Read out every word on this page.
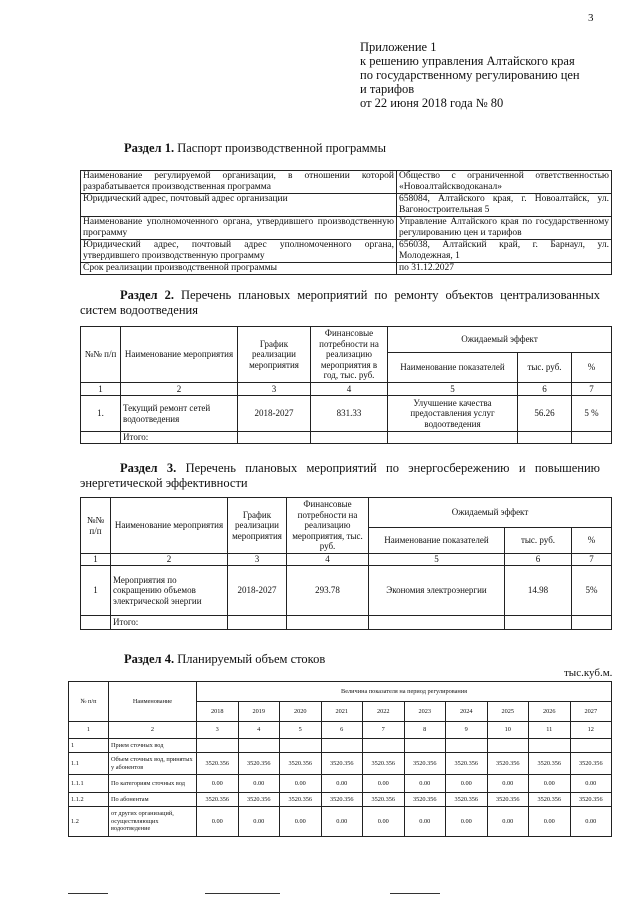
3
Приложение 1
к решению управления Алтайского края
по государственному регулированию цен
и тарифов
от 22 июня 2018 года № 80
Раздел 1. Паспорт производственной программы
Наименование регулируемой организации, в отношении которой разрабатывается производственная программа	Общество с ограниченной ответственностью «Новоалтайскводоканал»
Юридический адрес, почтовый адрес организации	658084, Алтайского края, г. Новоалтайск, ул. Вагоностроительная 5
Наименование уполномоченного органа, утвердившего производственную программу	Управление Алтайского края по государственному регулированию цен и тарифов
Юридический адрес, почтовый адрес уполномоченного органа, утвердившего производственную программу	656038, Алтайский край, г. Барнаул, ул. Молодежная, 1
Срок реализации производственной программы	по 31.12.2027
Раздел 2. Перечень плановых мероприятий по ремонту объектов централизованных систем водоотведения
№№ п/п	Наименование мероприятия	График реализации мероприятия	Финансовые потребности на реализацию мероприятия в год, тыс. руб.	Ожидаемый эффект		
				Наименование показателей	тыс. руб.	%
1	2	3	4	5	6	7
1.	Текущий ремонт сетей водоотведения	2018-2027	831.33	Улучшение качества предоставления услуг водоотведения	56.26	5 %
	Итого:					
Раздел 3. Перечень плановых мероприятий по энергосбережению и повышению энергетической эффективности
№№ п/п	Наименование мероприятия	График реализации мероприятия	Финансовые потребности на реализацию мероприятия, тыс. руб.	Ожидаемый эффект		
				Наименование показателей	тыс. руб.	%
1	2	3	4	5	6	7
1	Мероприятия по сокращению объемов электрической энергии	2018-2027	293.78	Экономия электроэнергии	14.98	5%
	Итого:					
Раздел 4. Планируемый объем стоков
тыс.куб.м.
№ п/п	Наименование	Величина показателя на период регулирования									
		2018	2019	2020	2021	2022	2023	2024	2025	2026	2027
1	2	3	4	5	6	7	8	9	10	11	12
1	Прием сточных вод										
1.1	Объем сточных вод, принятых у абонентов	3520.356	3520.356	3520.356	3520.356	3520.356	3520.356	3520.356	3520.356	3520.356	3520.356
1.1.1	По категориям сточных вод	0.00	0.00	0.00	0.00	0.00	0.00	0.00	0.00	0.00	0.00
1.1.2	По абонентам	3520.356	3520.356	3520.356	3520.356	3520.356	3520.356	3520.356	3520.356	3520.356	3520.356
1.2	от других организаций, осуществляющих водоотведение	0.00	0.00	0.00	0.00	0.00	0.00	0.00	0.00	0.00	0.00
